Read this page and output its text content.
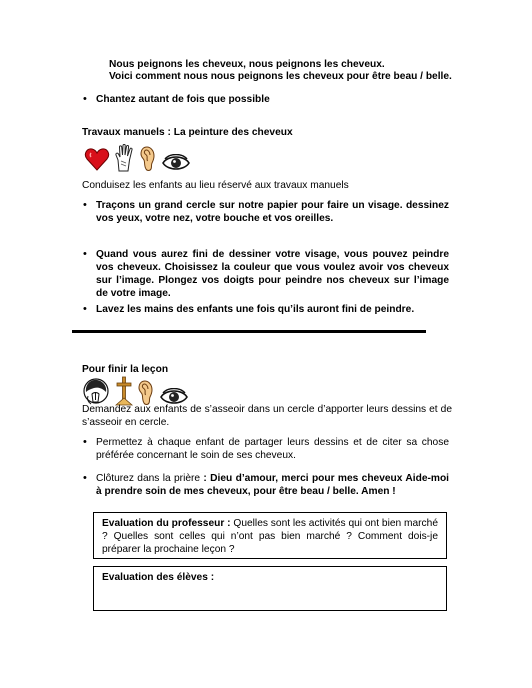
Nous peignons les cheveux, nous peignons les cheveux.
Voici comment nous nous peignons les cheveux pour être beau / belle.
• Chantez autant de fois que possible
Travaux manuels : La peinture des cheveux
Conduisez les enfants au lieu réservé aux travaux manuels
• Traçons un grand cercle sur notre papier pour faire un visage. dessinez vos yeux, votre nez, votre bouche et vos oreilles.
• Quand vous aurez fini de dessiner votre visage, vous pouvez peindre vos cheveux. Choisissez la couleur que vous voulez avoir vos cheveux sur l’image. Plongez vos doigts pour peindre nos cheveux sur l’image de votre image.
• Lavez les mains des enfants une fois qu’ils auront fini de peindre.
Pour finir la leçon
Demandez aux enfants de s’asseoir dans un cercle d’apporter leurs dessins et de s’asseoir en cercle.
• Permettez à chaque enfant de partager leurs dessins et de citer sa chose préférée concernant le soin de ses cheveux.
• Clôturez dans la prière : Dieu d’amour, merci pour mes cheveux Aide-moi à prendre soin de mes cheveux, pour être beau / belle. Amen !
Evaluation du professeur : Quelles sont les activités qui ont bien marché ? Quelles sont celles qui n’ont pas bien marché ? Comment dois-je préparer la prochaine leçon ?
Evaluation des élèves :
